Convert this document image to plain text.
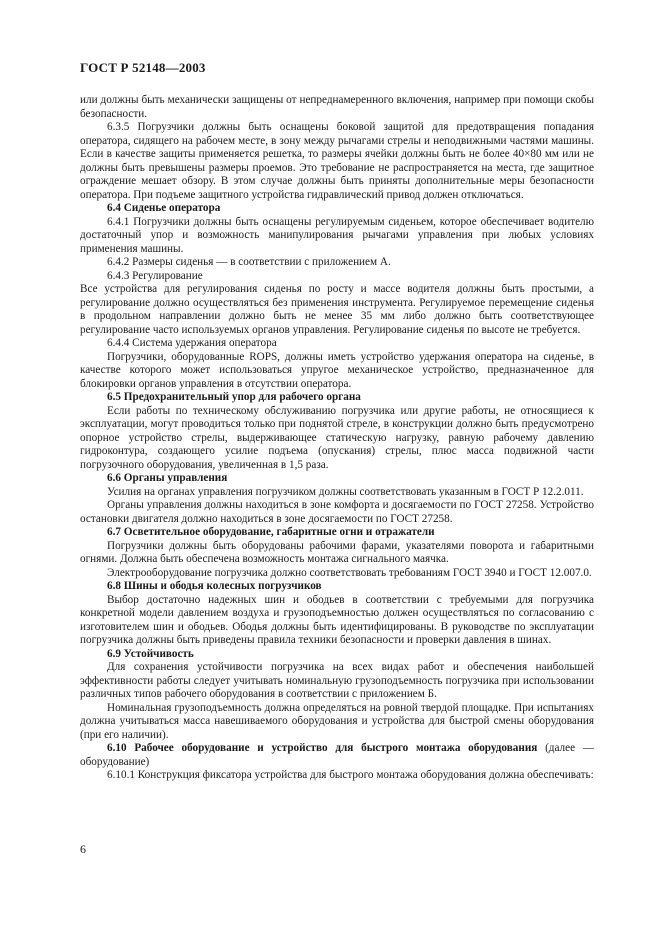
ГОСТ Р 52148—2003

или должны быть механически защищены от непреднамеренного включения, например при помощи скобы безопасности.

6.3.5 Погрузчики должны быть оснащены боковой защитой для предотвращения попадания оператора, сидящего на рабочем месте, в зону между рычагами стрелы и неподвижными частями машины. Если в качестве защиты применяется решетка, то размеры ячейки должны быть не более 40×80 мм или не должны быть превышены размеры проемов. Это требование не распространяется на места, где защитное ограждение мешает обзору. В этом случае должны быть приняты дополнительные меры безопасности оператора. При подъеме защитного устройства гидравлический привод должен отключаться.

6.4 Сиденье оператора

6.4.1 Погрузчики должны быть оснащены регулируемым сиденьем, которое обеспечивает водителю достаточный упор и возможность манипулирования рычагами управления при любых условиях применения машины.

6.4.2 Размеры сиденья — в соответствии с приложением А.

6.4.3 Регулирование

Все устройства для регулирования сиденья по росту и массе водителя должны быть простыми, а регулирование должно осуществляться без применения инструмента. Регулируемое перемещение сиденья в продольном направлении должно быть не менее 35 мм либо должно быть соответствующее регулирование часто используемых органов управления. Регулирование сиденья по высоте не требуется.

6.4.4 Система удержания оператора

Погрузчики, оборудованные ROPS, должны иметь устройство удержания оператора на сиденье, в качестве которого может использоваться упругое механическое устройство, предназначенное для блокировки органов управления в отсутствии оператора.

6.5 Предохранительный упор для рабочего органа

Если работы по техническому обслуживанию погрузчика или другие работы, не относящиеся к эксплуатации, могут проводиться только при поднятой стреле, в конструкции должно быть предусмотрено опорное устройство стрелы, выдерживающее статическую нагрузку, равную рабочему давлению гидроконтура, создающего усилие подъема (опускания) стрелы, плюс масса подвижной части погрузочного оборудования, увеличенная в 1,5 раза.

6.6 Органы управления

Усилия на органах управления погрузчиком должны соответствовать указанным в ГОСТ Р 12.2.011.

Органы управления должны находиться в зоне комфорта и досягаемости по ГОСТ 27258. Устройство остановки двигателя должно находиться в зоне досягаемости по ГОСТ 27258.

6.7 Осветительное оборудование, габаритные огни и отражатели

Погрузчики должны быть оборудованы рабочими фарами, указателями поворота и габаритными огнями. Должна быть обеспечена возможность монтажа сигнального маячка.

Электрооборудование погрузчика должно соответствовать требованиям ГОСТ 3940 и ГОСТ 12.007.0.

6.8 Шины и ободья колесных погрузчиков

Выбор достаточно надежных шин и ободьев в соответствии с требуемыми для погрузчика конкретной модели давлением воздуха и грузоподъемностью должен осуществляться по согласованию с изготовителем шин и ободьев. Ободья должны быть идентифицированы. В руководстве по эксплуатации погрузчика должны быть приведены правила техники безопасности и проверки давления в шинах.

6.9 Устойчивость

Для сохранения устойчивости погрузчика на всех видах работ и обеспечения наибольшей эффективности работы следует учитывать номинальную грузоподъемность погрузчика при использовании различных типов рабочего оборудования в соответствии с приложением Б.

Номинальная грузоподъемность должна определяться на ровной твердой площадке. При испытаниях должна учитываться масса навешиваемого оборудования и устройства для быстрой смены оборудования (при его наличии).

6.10 Рабочее оборудование и устройство для быстрого монтажа оборудования (далее — оборудование)

6.10.1 Конструкция фиксатора устройства для быстрого монтажа оборудования должна обеспечивать:

6
